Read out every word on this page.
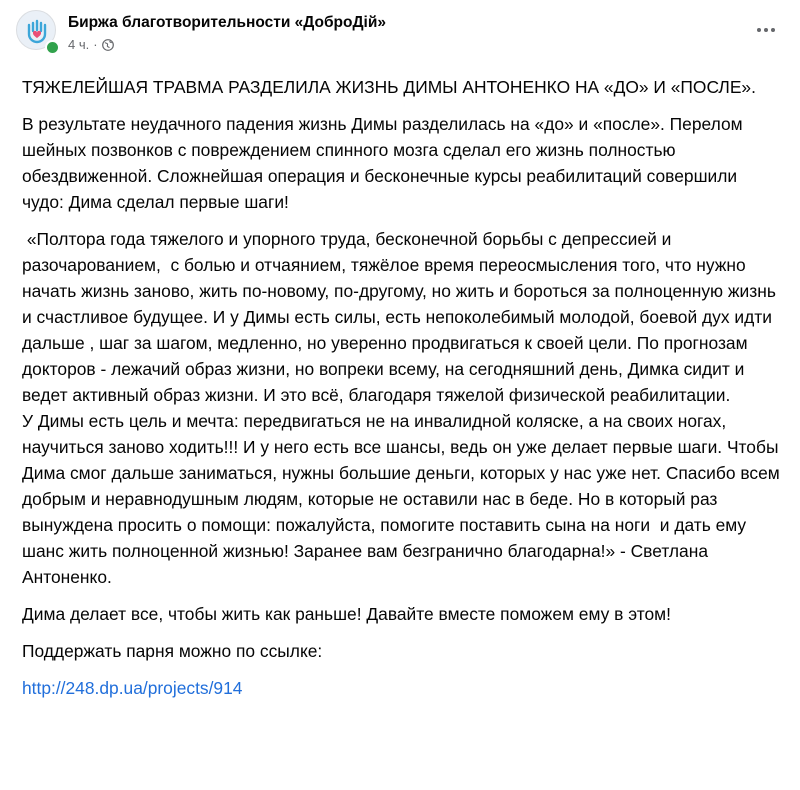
Биржа благотворительности «ДоброДій»
4 ч. ·

ТЯЖЕЛЕЙШАЯ ТРАВМА РАЗДЕЛИЛА ЖИЗНЬ ДИМЫ АНТОНЕНКО НА «ДО» И «ПОСЛЕ».

В результате неудачного падения жизнь Димы разделилась на «до» и «после». Перелом шейных позвонков с повреждением спинного мозга сделал его жизнь полностью обездвиженной. Сложнейшая операция и бесконечные курсы реабилитаций совершили чудо: Дима сделал первые шаги!

«Полтора года тяжелого и упорного труда, бесконечной борьбы с депрессией и разочарованием,  с болью и отчаянием, тяжёлое время переосмысления того, что нужно начать жизнь заново, жить по-новому, по-другому, но жить и бороться за полноценную жизнь и счастливое будущее. И у Димы есть силы, есть непоколебимый молодой, боевой дух идти дальше , шаг за шагом, медленно, но уверенно продвигаться к своей цели. По прогнозам докторов - лежачий образ жизни, но вопреки всему, на сегодняшний день, Димка сидит и ведет активный образ жизни. И это всё, благодаря тяжелой физической реабилитации.

У Димы есть цель и мечта: передвигаться не на инвалидной коляске, а на своих ногах, научиться заново ходить!!! И у него есть все шансы, ведь он уже делает первые шаги. Чтобы Дима смог дальше заниматься, нужны большие деньги, которых у нас уже нет. Спасибо всем добрым и неравнодушным людям, которые не оставили нас в беде. Но в который раз вынуждена просить о помощи: пожалуйста, помогите поставить сына на ноги  и дать ему шанс жить полноценной жизнью! Заранее вам безгранично благодарна!» - Светлана Антоненко.

Дима делает все, чтобы жить как раньше! Давайте вместе поможем ему в этом!

Поддержать парня можно по ссылке:

http://248.dp.ua/projects/914
